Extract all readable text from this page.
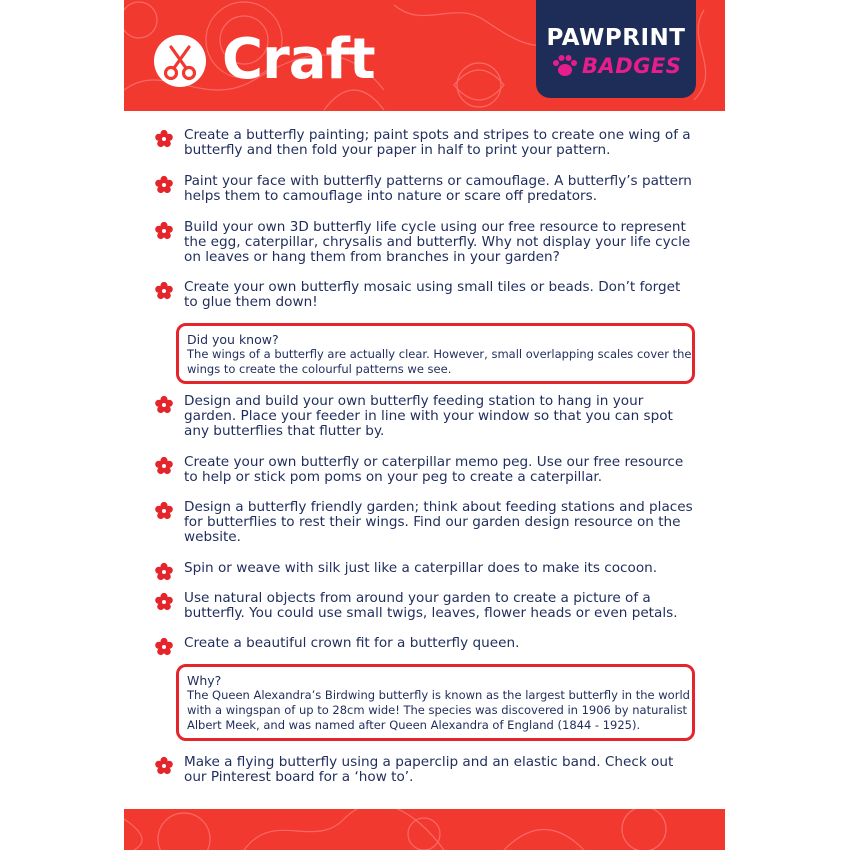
Craft	PAWPRINT
BADGES
Create a butterfly painting; paint spots and stripes to create one wing of a butterfly and then fold your paper in half to print your pattern.
Paint your face with butterfly patterns or camouflage. A butterfly’s pattern helps them to camouflage into nature or scare off predators.
Build your own 3D butterfly life cycle using our free resource to represent the egg, caterpillar, chrysalis and butterfly. Why not display your life cycle on leaves or hang them from branches in your garden?
Create your own butterfly mosaic using small tiles or beads. Don’t forget to glue them down!
Design and build your own butterfly feeding station to hang in your garden. Place your feeder in line with your window so that you can spot any butterflies that flutter by.
Create your own butterfly or caterpillar memo peg. Use our free resource to help or stick pom poms on your peg to create a caterpillar.
Design a butterfly friendly garden; think about feeding stations and places for butterflies to rest their wings. Find our garden design resource on the website.
Spin or weave with silk just like a caterpillar does to make its cocoon.
Use natural objects from around your garden to create a picture of a butterfly. You could use small twigs, leaves, flower heads or even petals.
Create a beautiful crown fit for a butterfly queen.
Make a flying butterfly using a paperclip and an elastic band. Check out our Pinterest board for a ‘how to’.
Did you know?
The wings of a butterfly are actually clear. However, small overlapping scales cover the wings to create the colourful patterns we see.
Why?
The Queen Alexandra’s Birdwing butterfly is known as the largest butterfly in the world with a wingspan of up to 28cm wide! The species was discovered in 1906 by naturalist Albert Meek, and was named after Queen Alexandra of England (1844 - 1925).
